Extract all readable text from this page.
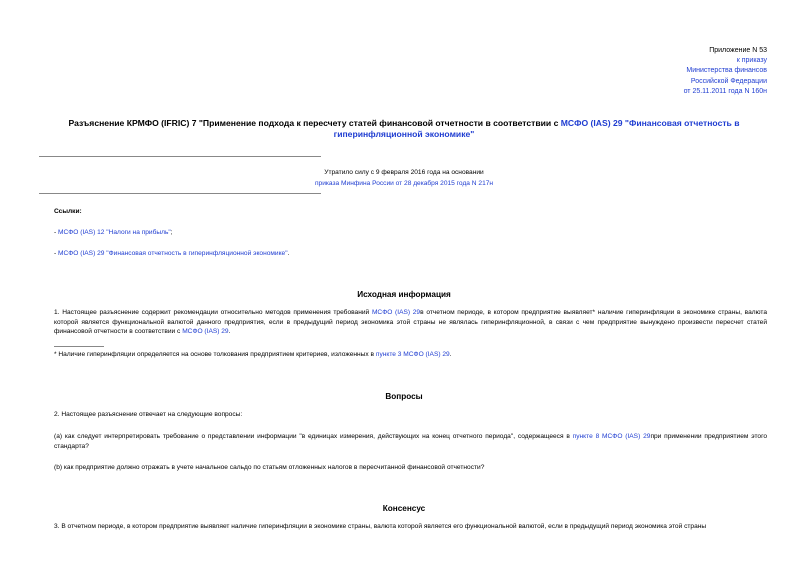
Приложение N 53
к приказу
Министерства финансов
Российской Федерации
от 25.11.2011 года N 160н
Разъяснение КРМФО (IFRIC) 7 "Применение подхода к пересчету статей финансовой отчетности в соответствии с МСФО (IAS) 29 "Финансовая отчетность в гиперинфляционной экономике"
Утратило силу с 9 февраля 2016 года на основании
приказа Минфина России от 28 декабря 2015 года N 217н
Ссылки:
- МСФО (IAS) 12 "Налоги на прибыль";
- МСФО (IAS) 29 "Финансовая отчетность в гиперинфляционной экономике".
Исходная информация
1. Настоящее разъяснение содержит рекомендации относительно методов применения требований МСФО (IAS) 29в отчетном периоде, в котором предприятие выявляет* наличие гиперинфляции в экономике страны, валюта которой является функциональной валютой данного предприятия, если в предыдущий период экономика этой страны не являлась гиперинфляционной, в связи с чем предприятие вынуждено произвести пересчет статей финансовой отчетности в соответствии с МСФО (IAS) 29.
* Наличие гиперинфляции определяется на основе толкования предприятием критериев, изложенных в пункте 3 МСФО (IAS) 29.
Вопросы
2. Настоящее разъяснение отвечает на следующие вопросы:
(а) как следует интерпретировать требование о представлении информации "в единицах измерения, действующих на конец отчетного периода", содержащееся в пункте 8 МСФО (IAS) 29при применении предприятием этого стандарта?
(b) как предприятие должно отражать в учете начальное сальдо по статьям отложенных налогов в пересчитанной финансовой отчетности?
Консенсус
3. В отчетном периоде, в котором предприятие выявляет наличие гиперинфляции в экономике страны, валюта которой является его функциональной валютой, если в предыдущий период экономика этой страны
